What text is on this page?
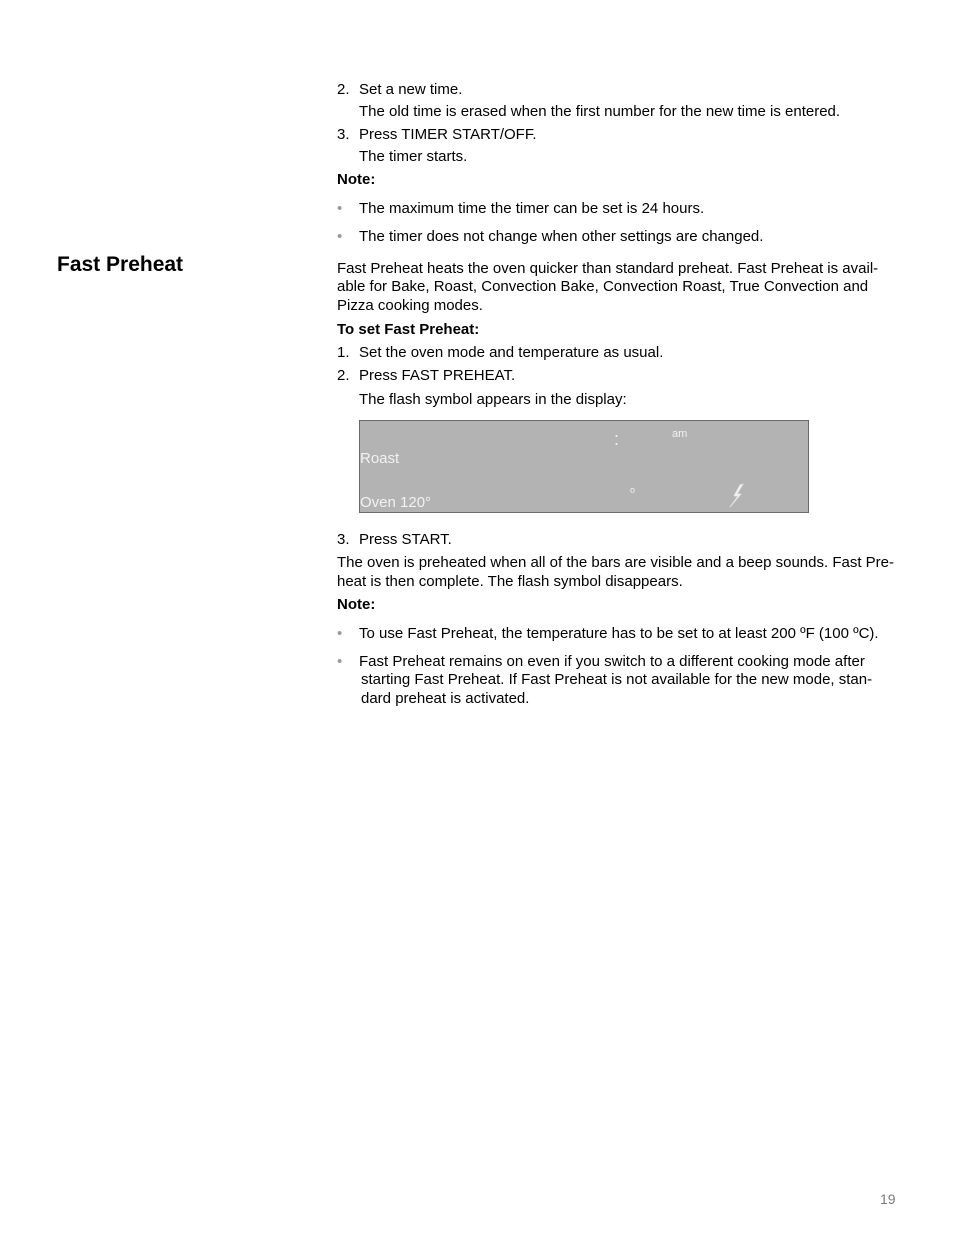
2. Set a new time.
The old time is erased when the first number for the new time is entered.
3. Press TIMER START/OFF.
The timer starts.
Note:
• The maximum time the timer can be set is 24 hours.
• The timer does not change when other settings are changed.
Fast Preheat	Fast Preheat heats the oven quicker than standard preheat. Fast Preheat is avail-
able for Bake, Roast, Convection Bake, Convection Roast, True Convection and
Pizza cooking modes.
To set Fast Preheat:
1. Set the oven mode and temperature as usual.
2. Press FAST PREHEAT.
The flash symbol appears in the display:
:	am
Roast
o
Oven 120°
3. Press START.
The oven is preheated when all of the bars are visible and a beep sounds. Fast Pre-
heat is then complete. The flash symbol disappears.
Note:
• To use Fast Preheat, the temperature has to be set to at least 200 ºF (100 ºC).
• Fast Preheat remains on even if you switch to a different cooking mode after
starting Fast Preheat. If Fast Preheat is not available for the new mode, stan-
dard preheat is activated.
19
